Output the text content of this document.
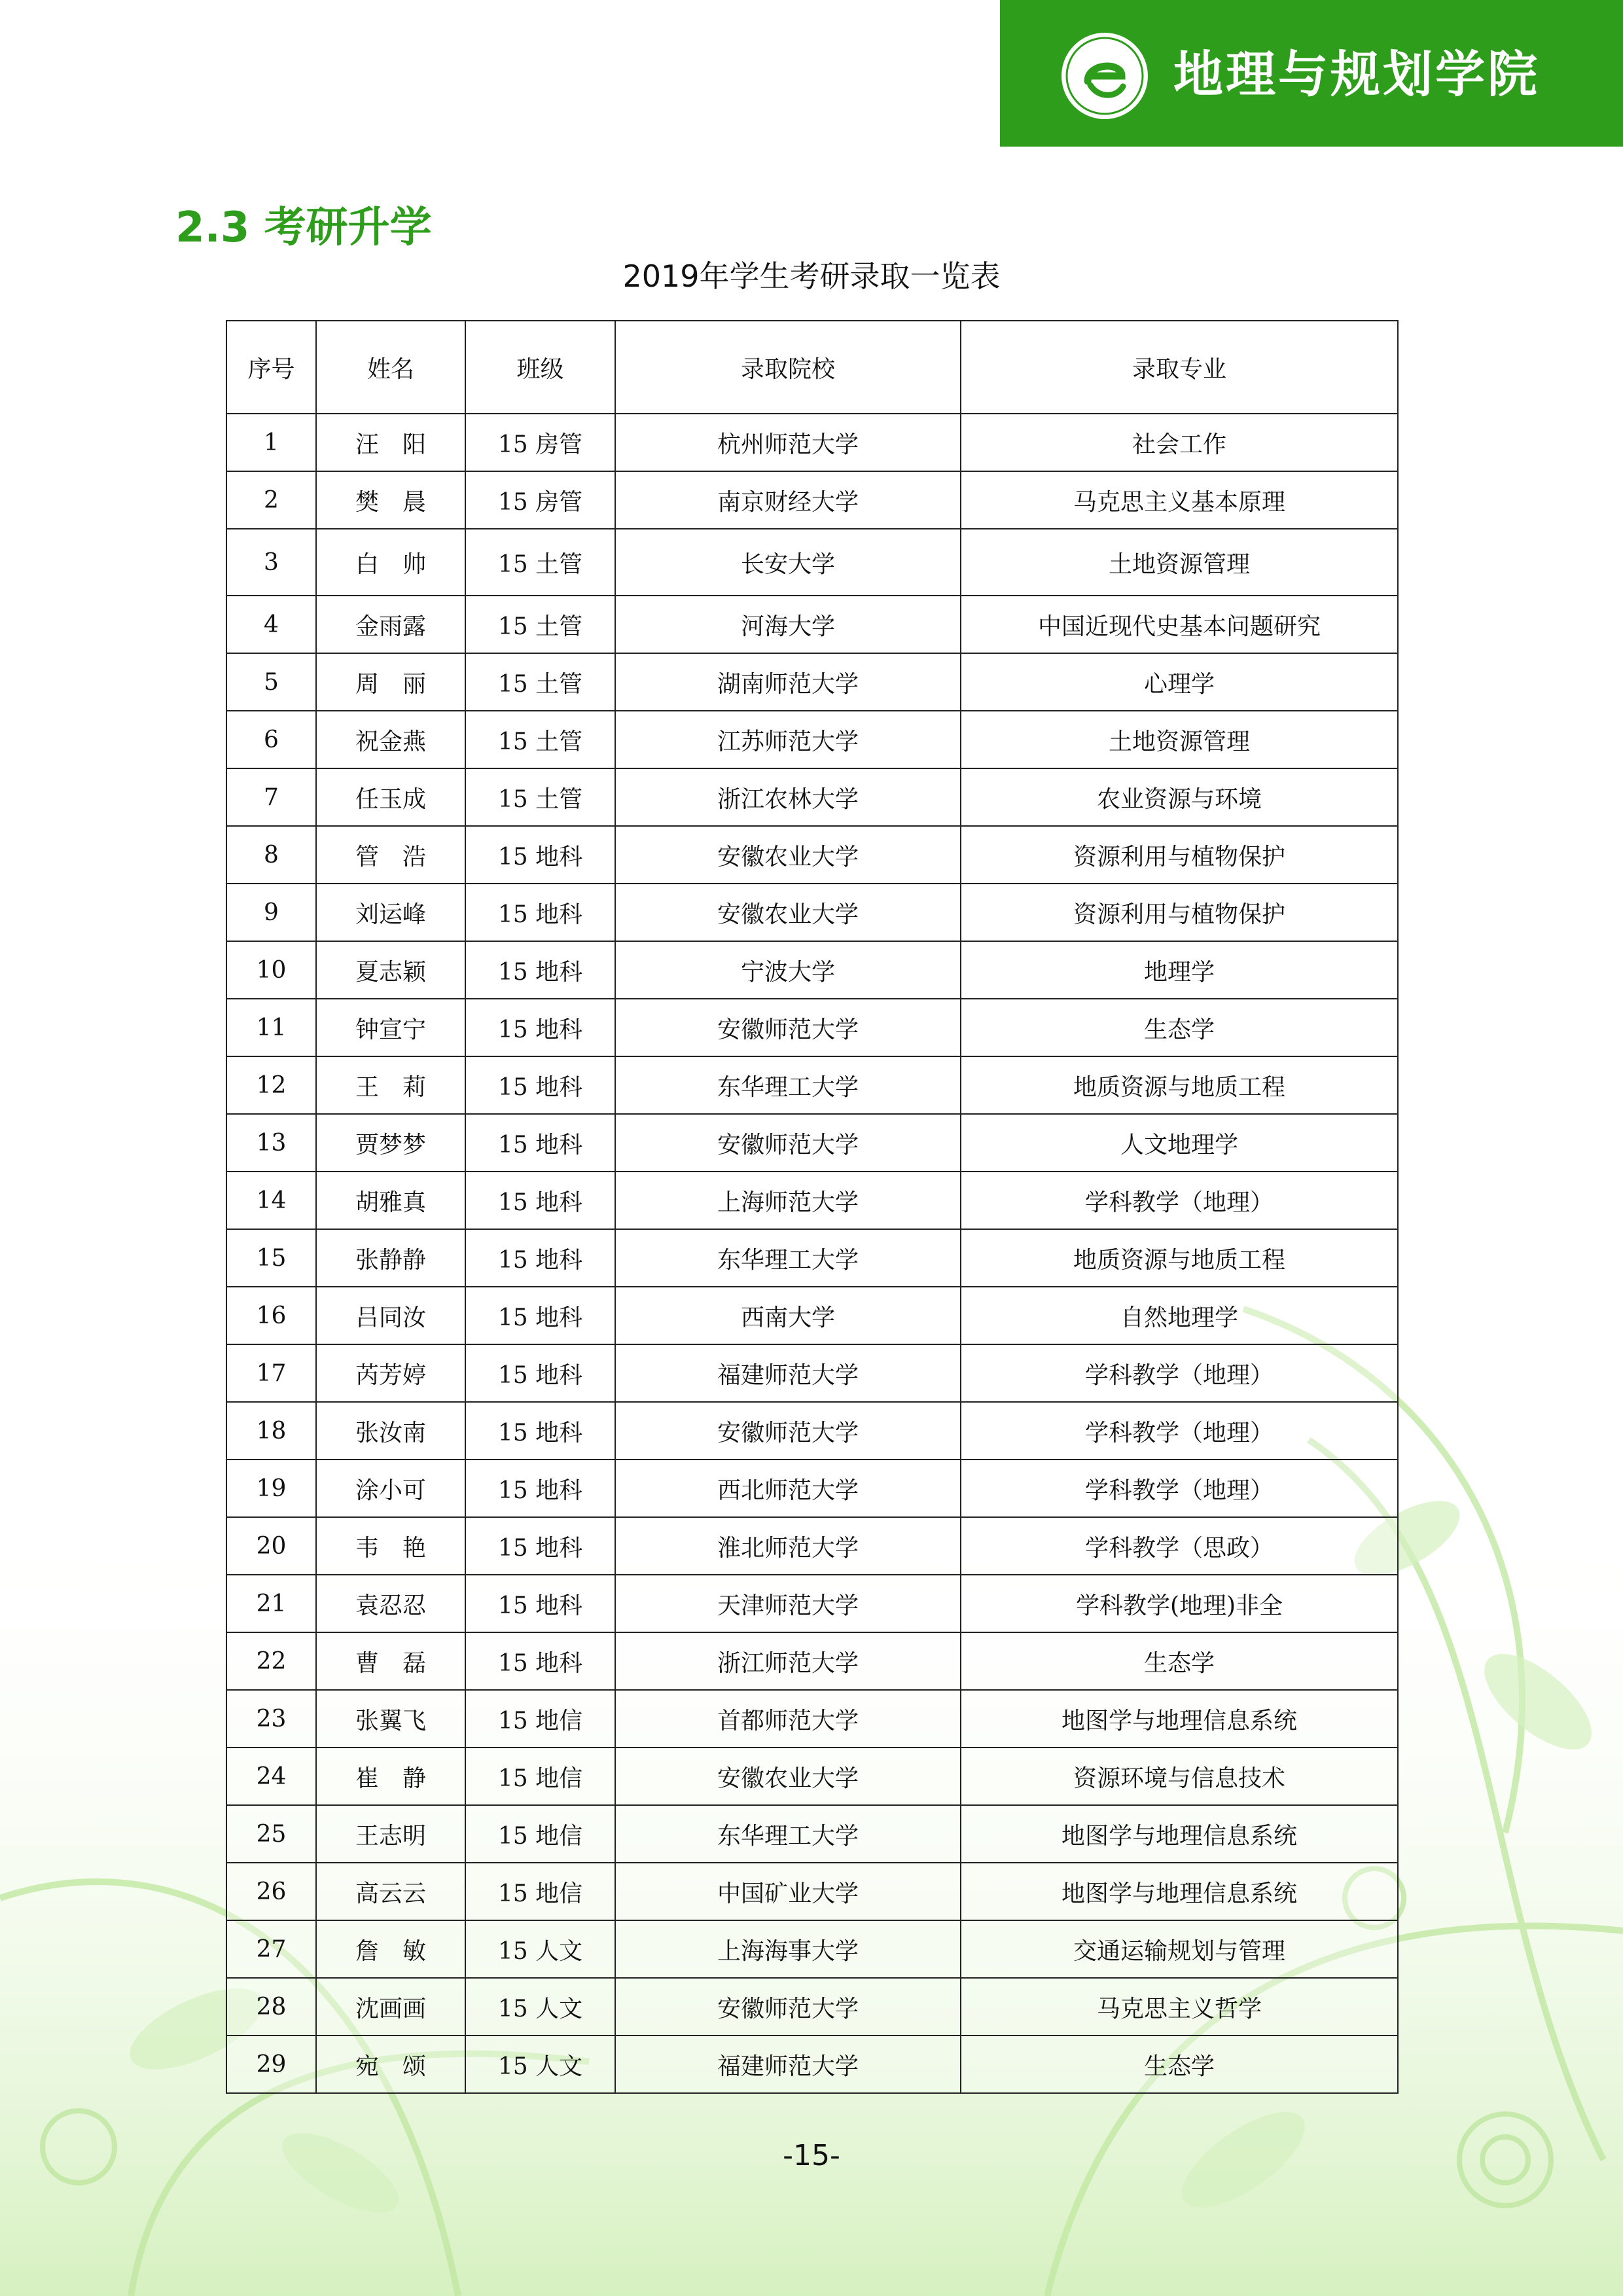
地理与规划学院
2.3 考研升学
2019年学生考研录取一览表
序号	姓名	班级	录取院校	录取专业
1	汪　阳	15 房管	杭州师范大学	社会工作
2	樊　晨	15 房管	南京财经大学	马克思主义基本原理
3	白　帅	15 土管	长安大学	土地资源管理
4	金雨露	15 土管	河海大学	中国近现代史基本问题研究
5	周　丽	15 土管	湖南师范大学	心理学
6	祝金燕	15 土管	江苏师范大学	土地资源管理
7	任玉成	15 土管	浙江农林大学	农业资源与环境
8	管　浩	15 地科	安徽农业大学	资源利用与植物保护
9	刘运峰	15 地科	安徽农业大学	资源利用与植物保护
10	夏志颖	15 地科	宁波大学	地理学
11	钟宣宁	15 地科	安徽师范大学	生态学
12	王　莉	15 地科	东华理工大学	地质资源与地质工程
13	贾梦梦	15 地科	安徽师范大学	人文地理学
14	胡雅真	15 地科	上海师范大学	学科教学（地理）
15	张静静	15 地科	东华理工大学	地质资源与地质工程
16	吕同汝	15 地科	西南大学	自然地理学
17	芮芳婷	15 地科	福建师范大学	学科教学（地理）
18	张汝南	15 地科	安徽师范大学	学科教学（地理）
19	涂小可	15 地科	西北师范大学	学科教学（地理）
20	韦　艳	15 地科	淮北师范大学	学科教学（思政）
21	袁忍忍	15 地科	天津师范大学	学科教学(地理)非全
22	曹　磊	15 地科	浙江师范大学	生态学
23	张翼飞	15 地信	首都师范大学	地图学与地理信息系统
24	崔　静	15 地信	安徽农业大学	资源环境与信息技术
25	王志明	15 地信	东华理工大学	地图学与地理信息系统
26	高云云	15 地信	中国矿业大学	地图学与地理信息系统
27	詹　敏	15 人文	上海海事大学	交通运输规划与管理
28	沈画画	15 人文	安徽师范大学	马克思主义哲学
29	宛　颂	15 人文	福建师范大学	生态学
-15-
